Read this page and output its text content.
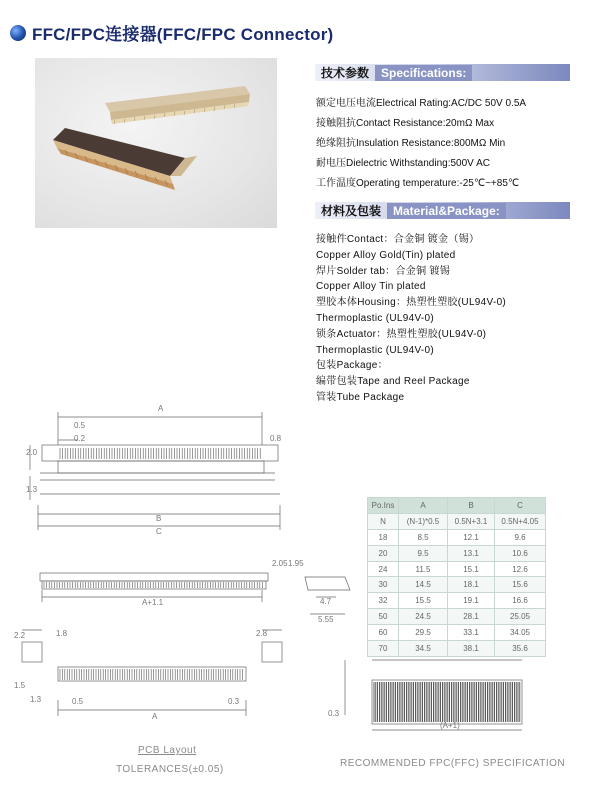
FFC/FPC连接器(FFC/FPC Connector)
技术参数	Specifications:
额定电压电流Electrical Rating:AC/DC 50V 0.5A
接触阻抗Contact Resistance:20mΩ Max
绝缘阻抗Insulation Resistance:800MΩ Min
耐电压Dielectric Withstanding:500V AC
工作温度Operating temperature:-25℃~+85℃
材料及包装	Material&Package:
接触件Contact：合金铜 镀金（锡）
Copper Alloy Gold(Tin) plated
焊片Solder tab：合金铜 镀锡
Copper Alloy Tin plated
塑胶本体Housing：热塑性塑胶(UL94V-0)
Thermoplastic (UL94V-0)
锁条Actuator：热塑性塑胶(UL94V-0)
Thermoplastic (UL94V-0)
包装Package：
编带包装Tape and Reel Package
管装Tube Package
A
0.5
0.2
2.0
0.8
1.3
B
C
A+1.1
2.05 1.95
4.7
5.55
1.8	2.8
2.2
1.5
1.3	0.5	0.3
A	0.3
(A+1)
Po.Ins	A	B	C
N	(N-1)*0.5	0.5N+3.1	0.5N+4.05
18	8.5	12.1	9.6
20	9.5	13.1	10.6
24	11.5	15.1	12.6
30	14.5	18.1	15.6
32	15.5	19.1	16.6
50	24.5	28.1	25.05
60	29.5	33.1	34.05
70	34.5	38.1	35.6
PCB Layout
TOLERANCES(±0.05)
RECOMMENDED FPC(FFC) SPECIFICATION
